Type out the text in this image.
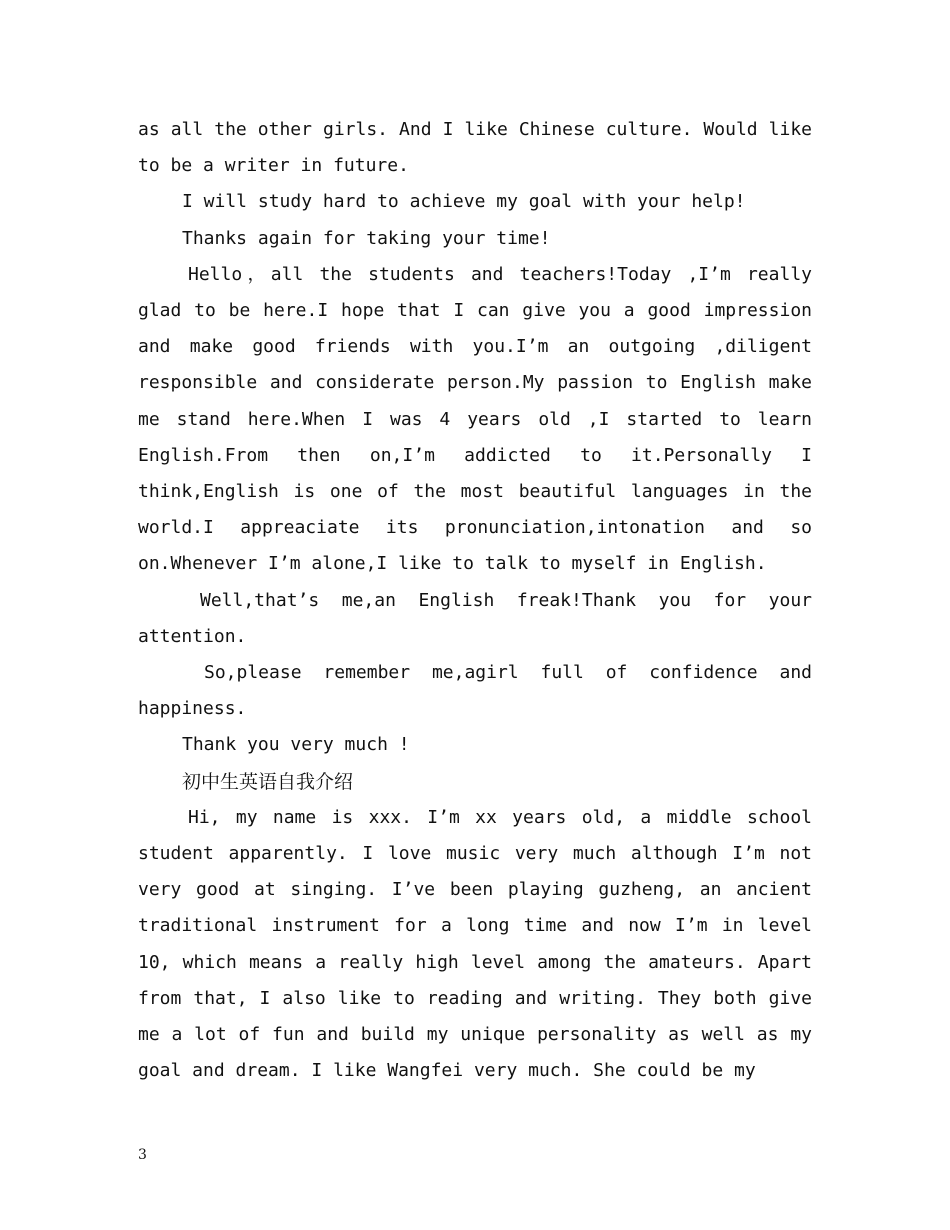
as all the other girls. And I like Chinese culture. Would like to be a writer in future.

I will study hard to achieve my goal with your help!

Thanks again for taking your time!

Hello，all the students and teachers!Today ,I’m really glad to be here.I hope that I can give you a good impression and make good friends with you.I’m an outgoing ,diligent responsible and considerate person.My passion to English make me stand here.When I was 4 years old ,I started to learn English.From then on,I’m addicted to it.Personally I think,English is one of the most beautiful languages in the world.I appreaciate its pronunciation,intonation and so on.Whenever I’m alone,I like to talk to myself in English.

Well,that’s me,an English freak!Thank you for your attention.

So,please remember me,agirl full of confidence and happiness.

Thank you very much !

初中生英语自我介绍

Hi, my name is xxx. I’m xx years old, a middle school student apparently. I love music very much although I’m not very good at singing. I’ve been playing guzheng, an ancient traditional instrument for a long time and now I’m in level 10, which means a really high level among the amateurs. Apart from that, I also like to reading and writing. They both give me a lot of fun and build my unique personality as well as my goal and dream. I like Wangfei very much. She could be my

3
